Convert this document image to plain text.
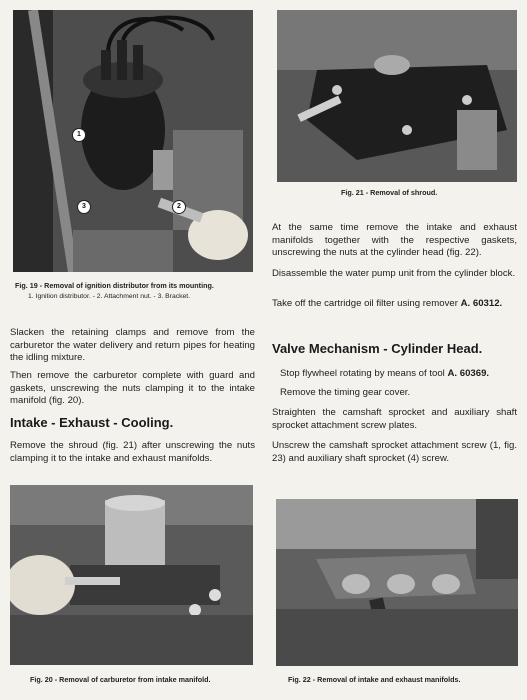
1
3	2
Fig. 19 - Removal of ignition distributor from its mounting.
1. Ignition distributor. - 2. Attachment nut. - 3. Bracket.
Fig. 21 - Removal of shroud.

Slacken the retaining clamps and remove from the carburetor the water delivery and return pipes for heating the idling mixture.

Then remove the carburetor complete with guard and gaskets, unscrewing the nuts clamping it to the intake manifold (fig. 20).

Intake - Exhaust - Cooling.

Remove the shroud (fig. 21) after unscrewing the nuts clamping it to the intake and exhaust manifolds.

At the same time remove the intake and exhaust manifolds together with the respective gaskets, unscrewing the nuts at the cylinder head (fig. 22).

Disassemble the water pump unit from the cylinder block.

Take off the cartridge oil filter using remover A. 60312.

Valve Mechanism - Cylinder Head.

Stop flywheel rotating by means of tool A. 60369.

Remove the timing gear cover.

Straighten the camshaft sprocket and auxiliary shaft sprocket attachment screw plates.

Unscrew the camshaft sprocket attachment screw (1, fig. 23) and auxiliary shaft sprocket (4) screw.

Fig. 20 - Removal of carburetor from intake manifold.	Fig. 22 - Removal of intake and exhaust manifolds.
